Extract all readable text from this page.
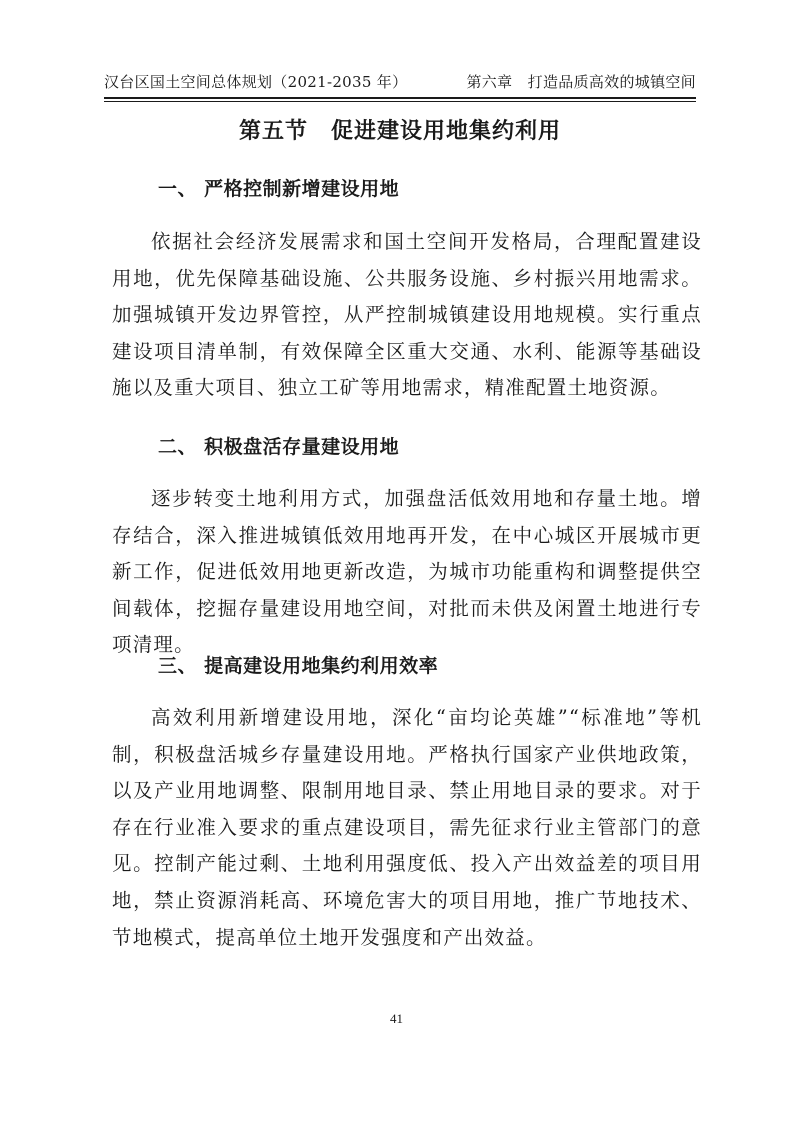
汉台区国土空间总体规划（2021-2035 年）	第六章　打造品质高效的城镇空间
第五节　促进建设用地集约利用
一、 严格控制新增建设用地

依据社会经济发展需求和国土空间开发格局，合理配置建设用地，优先保障基础设施、公共服务设施、乡村振兴用地需求。加强城镇开发边界管控，从严控制城镇建设用地规模。实行重点建设项目清单制，有效保障全区重大交通、水利、能源等基础设施以及重大项目、独立工矿等用地需求，精准配置土地资源。

二、 积极盘活存量建设用地

逐步转变土地利用方式，加强盘活低效用地和存量土地。增存结合，深入推进城镇低效用地再开发，在中心城区开展城市更新工作，促进低效用地更新改造，为城市功能重构和调整提供空间载体，挖掘存量建设用地空间，对批而未供及闲置土地进行专项清理。

三、 提高建设用地集约利用效率

高效利用新增建设用地，深化“亩均论英雄”“标准地”等机制，积极盘活城乡存量建设用地。严格执行国家产业供地政策，以及产业用地调整、限制用地目录、禁止用地目录的要求。对于存在行业准入要求的重点建设项目，需先征求行业主管部门的意见。控制产能过剩、土地利用强度低、投入产出效益差的项目用地，禁止资源消耗高、环境危害大的项目用地，推广节地技术、节地模式，提高单位土地开发强度和产出效益。

41
